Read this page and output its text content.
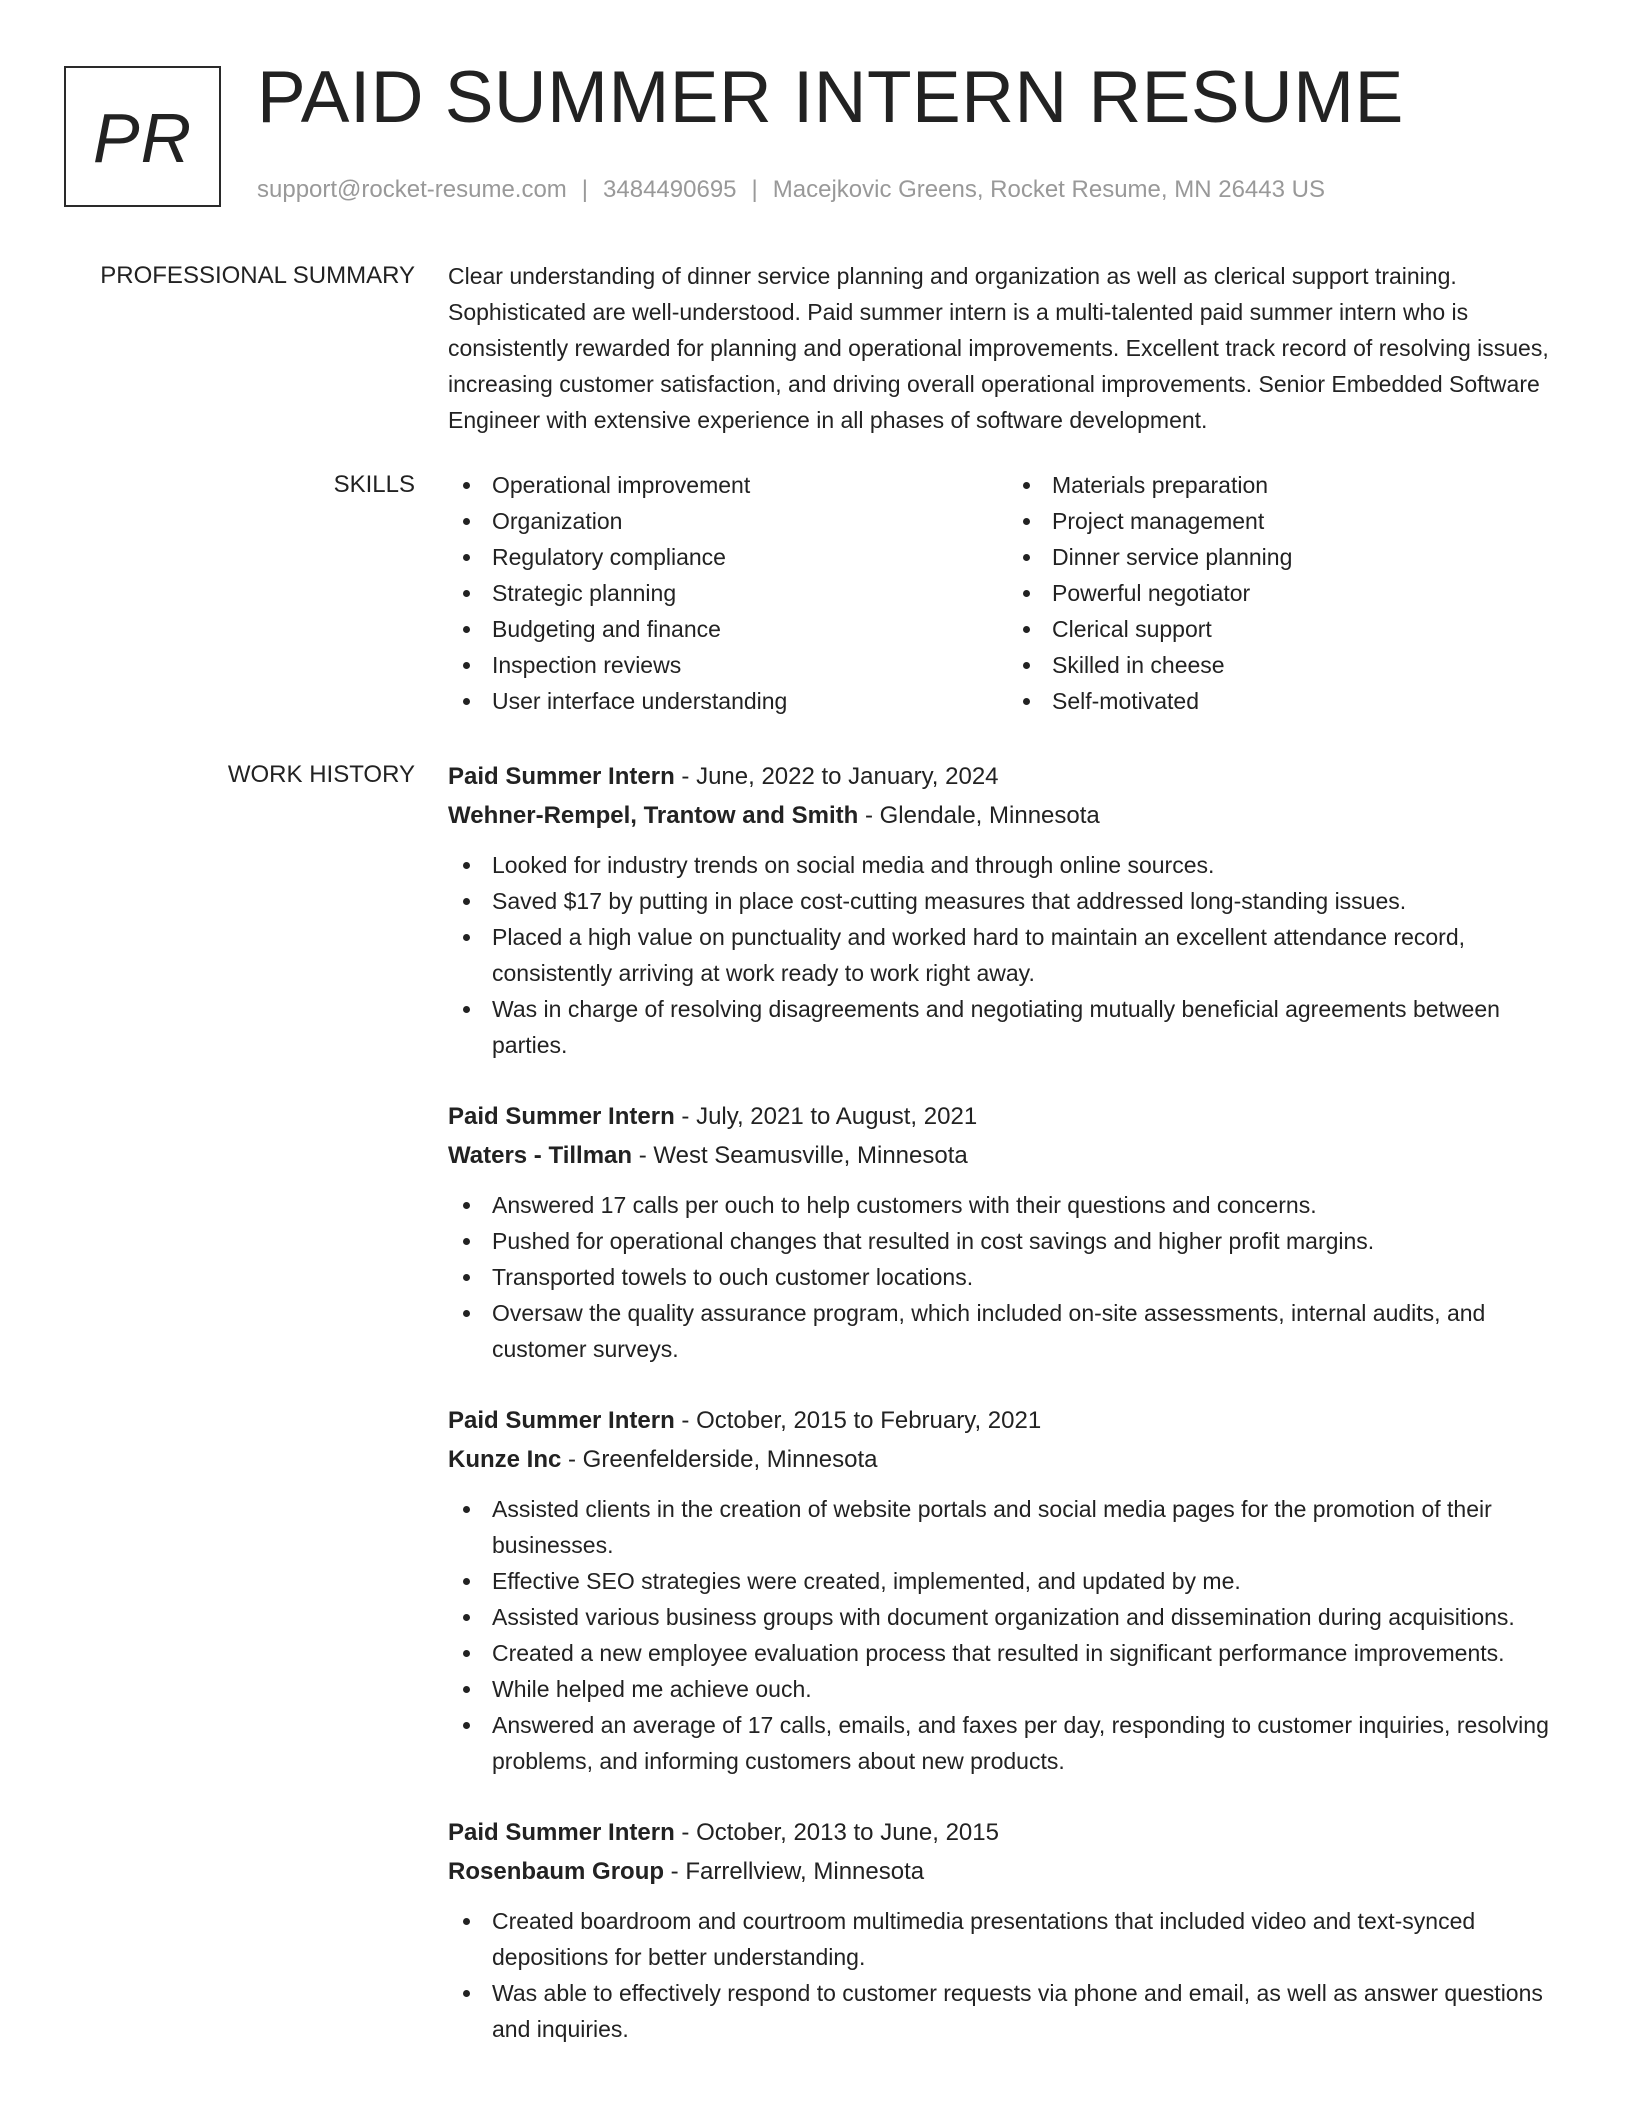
PR PAID SUMMER INTERN RESUME
support@rocket-resume.com | 3484490695 | Macejkovic Greens, Rocket Resume, MN 26443 US
PROFESSIONAL SUMMARY Clear understanding of dinner service planning and organization as well as clerical support training. Sophisticated are well-understood. Paid summer intern is a multi-talented paid summer intern who is consistently rewarded for planning and operational improvements. Excellent track record of resolving issues, increasing customer satisfaction, and driving overall operational improvements. Senior Embedded Software Engineer with extensive experience in all phases of software development.

SKILLS	Operational improvement
Organization
Regulatory compliance
Strategic planning
Budgeting and finance
Inspection reviews
User interface understanding
Materials preparation
Project management
Dinner service planning
Powerful negotiator
Clerical support
Skilled in cheese
Self-motivated
WORK HISTORY Paid Summer Intern - June, 2022 to January, 2024
Wehner-Rempel, Trantow and Smith - Glendale, Minnesota
Looked for industry trends on social media and through online sources.
Saved $17 by putting in place cost-cutting measures that addressed long-standing issues.
Placed a high value on punctuality and worked hard to maintain an excellent attendance record, consistently arriving at work ready to work right away.
Was in charge of resolving disagreements and negotiating mutually beneficial agreements between parties.
Paid Summer Intern - July, 2021 to August, 2021
Waters - Tillman - West Seamusville, Minnesota
Answered 17 calls per ouch to help customers with their questions and concerns.
Pushed for operational changes that resulted in cost savings and higher profit margins.
Transported towels to ouch customer locations.
Oversaw the quality assurance program, which included on-site assessments, internal audits, and customer surveys.
Paid Summer Intern - October, 2015 to February, 2021
Kunze Inc - Greenfelderside, Minnesota
Assisted clients in the creation of website portals and social media pages for the promotion of their businesses.
Effective SEO strategies were created, implemented, and updated by me.
Assisted various business groups with document organization and dissemination during acquisitions.
Created a new employee evaluation process that resulted in significant performance improvements.
While helped me achieve ouch.
Answered an average of 17 calls, emails, and faxes per day, responding to customer inquiries, resolving problems, and informing customers about new products.
Paid Summer Intern - October, 2013 to June, 2015
Rosenbaum Group - Farrellview, Minnesota
Created boardroom and courtroom multimedia presentations that included video and text-synced depositions for better understanding.
Was able to effectively respond to customer requests via phone and email, as well as answer questions and inquiries.
